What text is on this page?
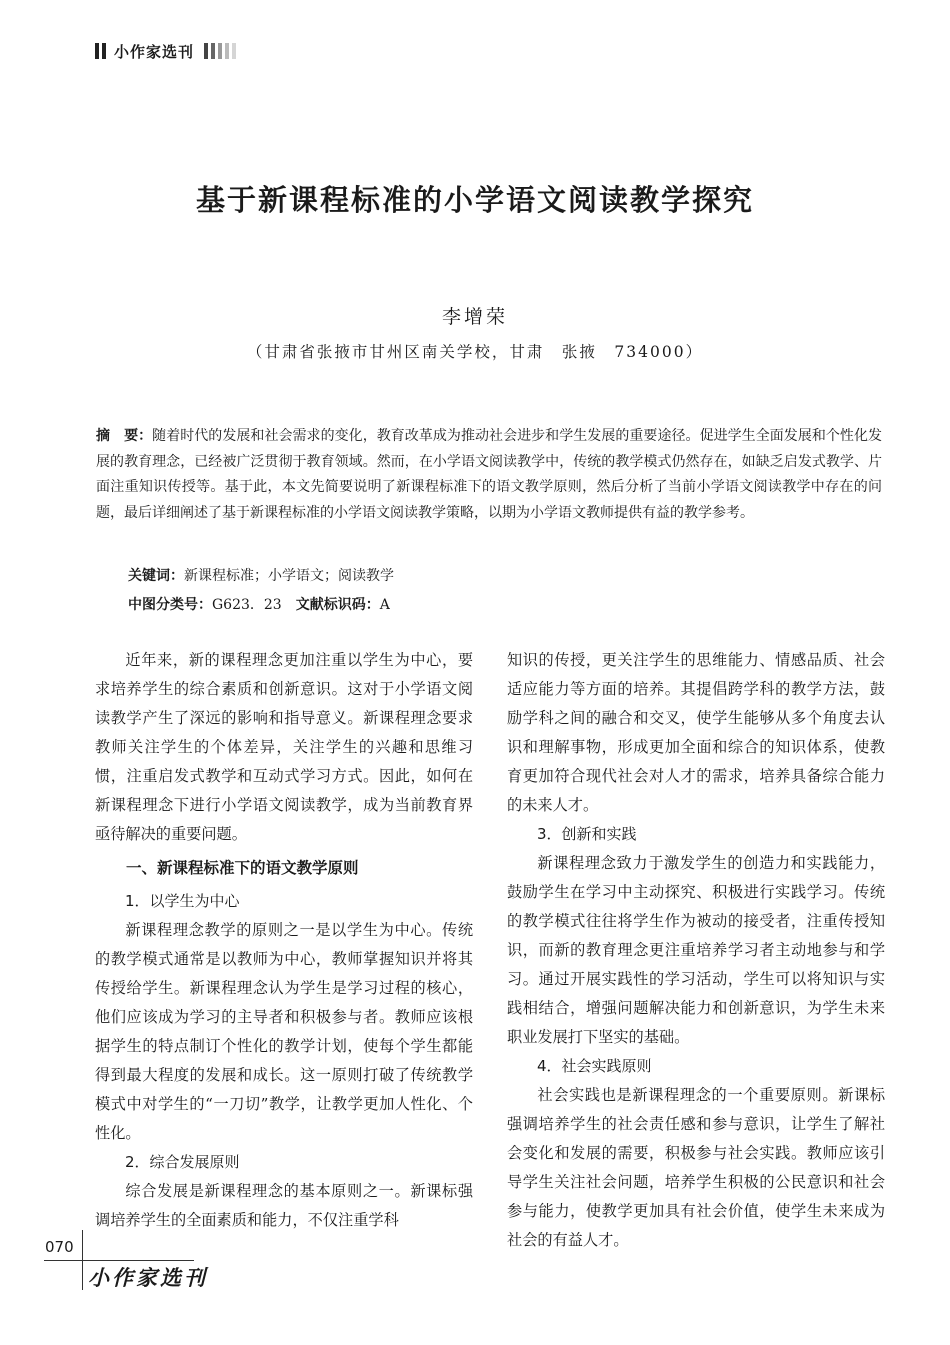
小作家选刊
基于新课程标准的小学语文阅读教学探究
李增荣
（甘肃省张掖市甘州区南关学校，甘肃　张掖　734000）

摘　要：随着时代的发展和社会需求的变化，教育改革成为推动社会进步和学生发展的重要途径。促进学生全面发展和个性化发展的教育理念，已经被广泛贯彻于教育领域。然而，在小学语文阅读教学中，传统的教学模式仍然存在，如缺乏启发式教学、片面注重知识传授等。基于此，本文先简要说明了新课程标准下的语文教学原则，然后分析了当前小学语文阅读教学中存在的问题，最后详细阐述了基于新课程标准的小学语文阅读教学策略，以期为小学语文教师提供有益的教学参考。

关键词：新课程标准；小学语文；阅读教学
中图分类号：G623．23  文献标识码：A

近年来，新的课程理念更加注重以学生为中心，要求培养学生的综合素质和创新意识。这对于小学语文阅读教学产生了深远的影响和指导意义。新课程理念要求教师关注学生的个体差异，关注学生的兴趣和思维习惯，注重启发式教学和互动式学习方式。因此，如何在新课程理念下进行小学语文阅读教学，成为当前教育界亟待解决的重要问题。

一、新课程标准下的语文教学原则
1．以学生为中心

新课程理念教学的原则之一是以学生为中心。传统的教学模式通常是以教师为中心，教师掌握知识并将其传授给学生。新课程理念认为学生是学习过程的核心，他们应该成为学习的主导者和积极参与者。教师应该根据学生的特点制订个性化的教学计划，使每个学生都能得到最大程度的发展和成长。这一原则打破了传统教学模式中对学生的“一刀切”教学，让教学更加人性化、个性化。

2．综合发展原则

综合发展是新课程理念的基本原则之一。新课标强调培养学生的全面素质和能力，不仅注重学科

知识的传授，更关注学生的思维能力、情感品质、社会适应能力等方面的培养。其提倡跨学科的教学方法，鼓励学科之间的融合和交叉，使学生能够从多个角度去认识和理解事物，形成更加全面和综合的知识体系，使教育更加符合现代社会对人才的需求，培养具备综合能力的未来人才。

3．创新和实践

新课程理念致力于激发学生的创造力和实践能力，鼓励学生在学习中主动探究、积极进行实践学习。传统的教学模式往往将学生作为被动的接受者，注重传授知识，而新的教育理念更注重培养学习者主动地参与和学习。通过开展实践性的学习活动，学生可以将知识与实践相结合，增强问题解决能力和创新意识，为学生未来职业发展打下坚实的基础。

4．社会实践原则

社会实践也是新课程理念的一个重要原则。新课标强调培养学生的社会责任感和参与意识，让学生了解社会变化和发展的需要，积极参与社会实践。教师应该引导学生关注社会问题，培养学生积极的公民意识和社会参与能力，使教学更加具有社会价值，使学生未来成为社会的有益人才。

070
小作家选刊
